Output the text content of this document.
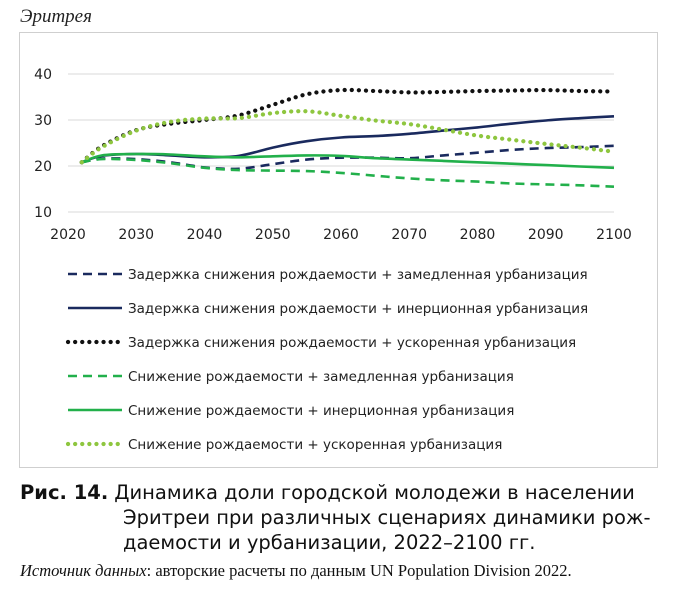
Эритрея
10
20
30
40
2020 2030 2040 2050 2060 2070 2080 2090 2100
Задержка снижения рождаемости + замедленная урбанизация
Задержка снижения рождаемости + инерционная урбанизация
Задержка снижения рождаемости + ускоренная урбанизация
Снижение рождаемости + замедленная урбанизация
Снижение рождаемости + инерционная урбанизация
Снижение рождаемости + ускоренная урбанизация
Рис. 14. Динамика доли городской молодежи в населении
Эритреи при различных сценариях динамики рож-
даемости и урбанизации, 2022–2100 гг.
Источник данных: авторские расчеты по данным UN Population Division 2022.
